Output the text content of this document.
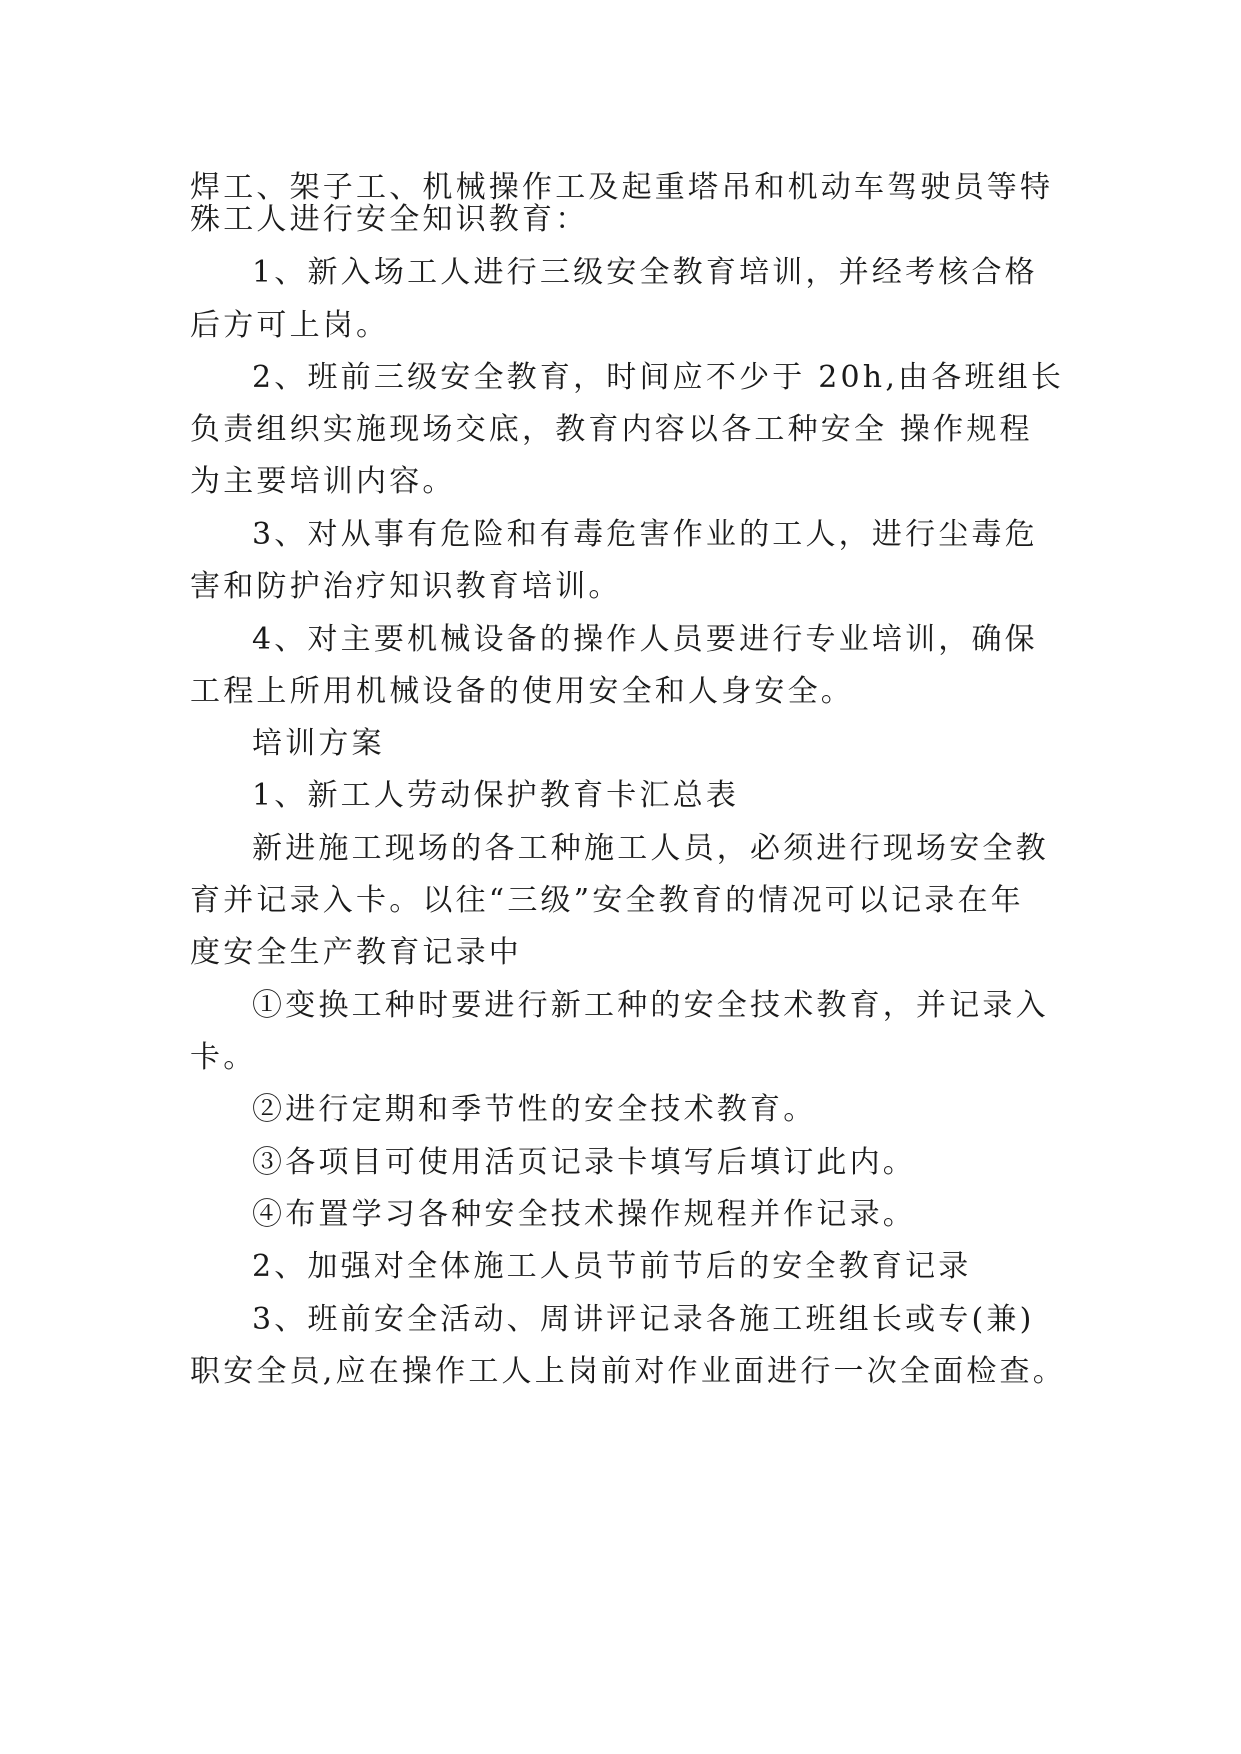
焊工、架子工、机械操作工及起重塔吊和机动车驾驶员等特
殊工人进行安全知识教育：
1、新入场工人进行三级安全教育培训，并经考核合格
后方可上岗。
2、班前三级安全教育，时间应不少于 20h,由各班组长
负责组织实施现场交底，教育内容以各工种安全 操作规程
为主要培训内容。
3、对从事有危险和有毒危害作业的工人，进行尘毒危
害和防护治疗知识教育培训。
4、对主要机械设备的操作人员要进行专业培训，确保
工程上所用机械设备的使用安全和人身安全。
培训方案
1、新工人劳动保护教育卡汇总表
新进施工现场的各工种施工人员，必须进行现场安全教
育并记录入卡。以往“三级”安全教育的情况可以记录在年
度安全生产教育记录中
①变换工种时要进行新工种的安全技术教育，并记录入
卡。
②进行定期和季节性的安全技术教育。
③各项目可使用活页记录卡填写后填订此内。
④布置学习各种安全技术操作规程并作记录。
2、加强对全体施工人员节前节后的安全教育记录
3、班前安全活动、周讲评记录各施工班组长或专(兼)
职安全员,应在操作工人上岗前对作业面进行一次全面检查。
